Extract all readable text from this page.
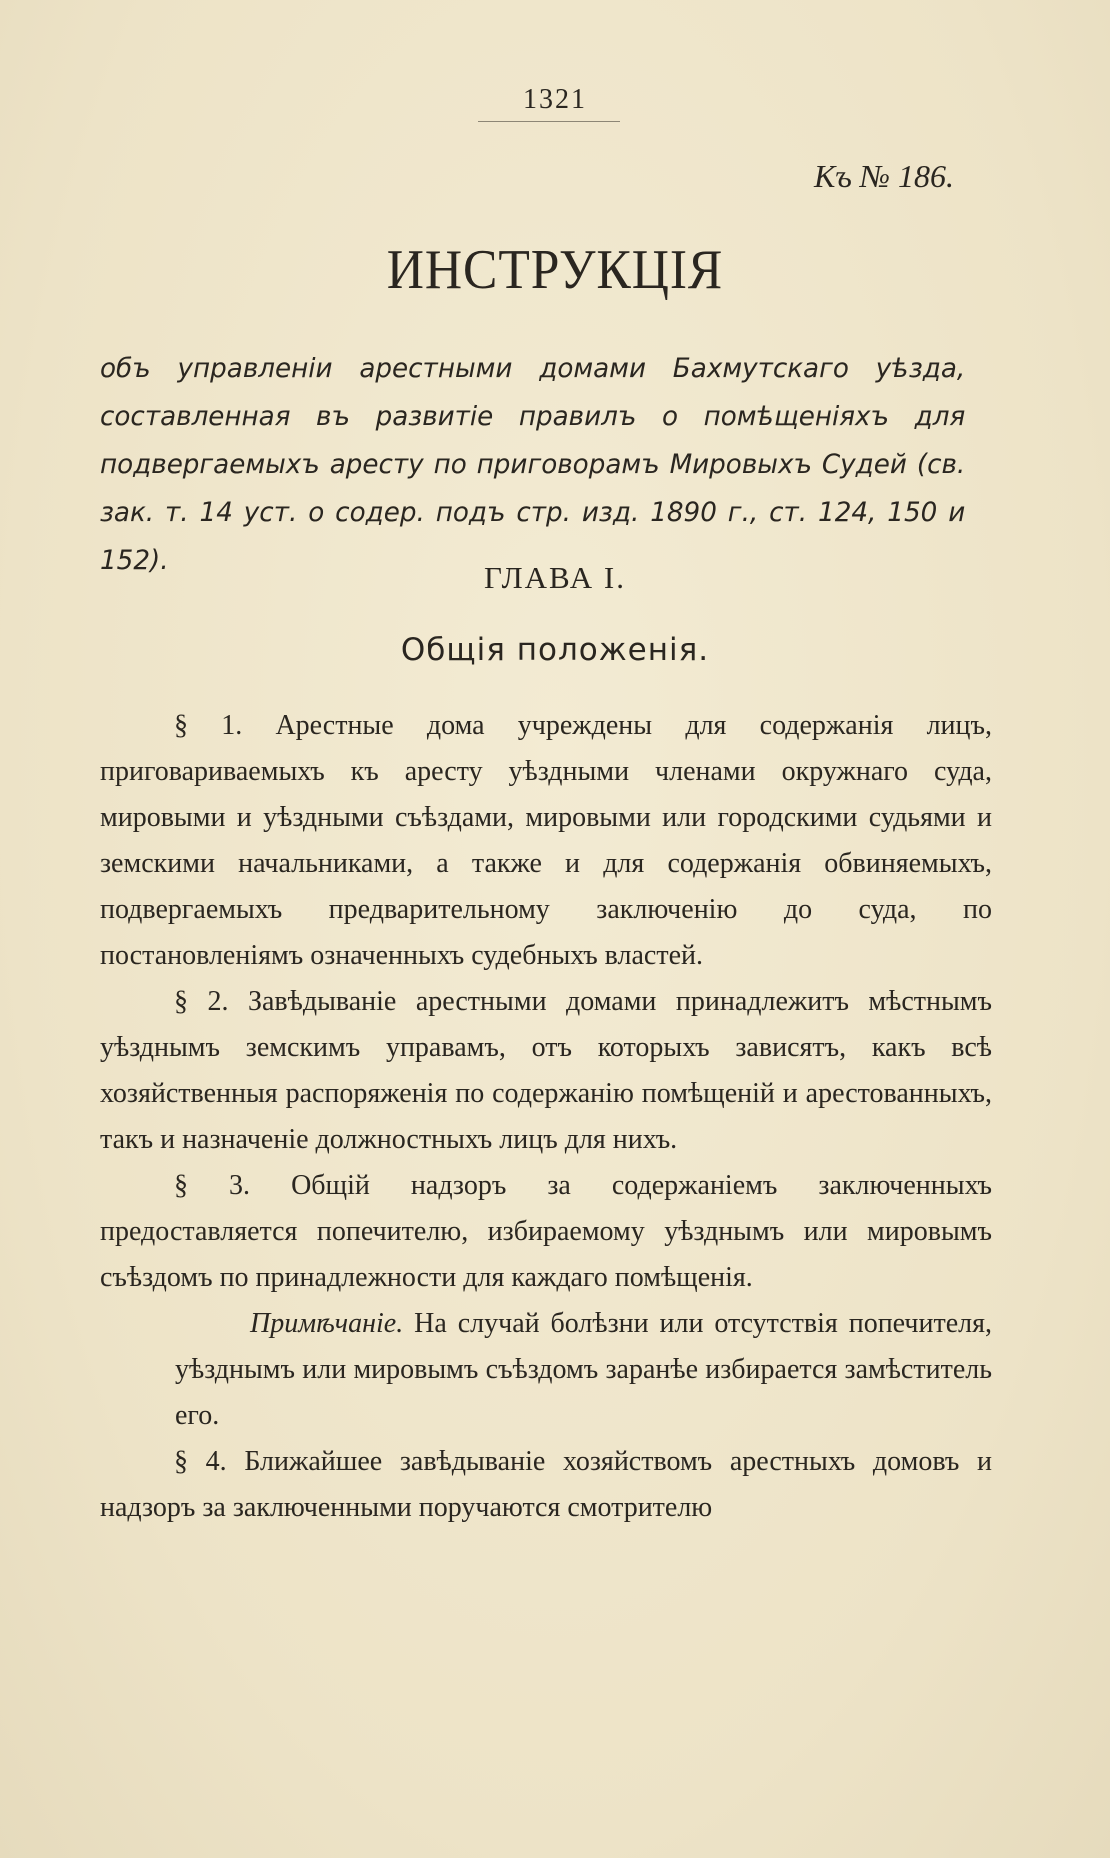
1321
Къ № 186.
ИНСТРУКЦІЯ
объ управленіи арестными домами Бахмутскаго уѣзда, составленная въ развитіе правилъ о помѣщеніяхъ для подвергаемыхъ аресту по приговорамъ Мировыхъ Судей (св. зак. т. 14 уст. о содер. подъ стр. изд. 1890 г., ст. 124, 150 и 152).	ГЛАВА I.
Общія положенія.

§ 1. Арестные дома учреждены для содержанія лицъ, приговариваемыхъ къ аресту уѣздными членами окружнаго суда, мировыми и уѣздными съѣздами, мировыми или городскими судьями и земскими начальниками, а также и для содержанія обвиняемыхъ, подвергаемыхъ предварительному заключенію до суда, по постановленіямъ означенныхъ судебныхъ властей.

§ 2. Завѣдываніе арестными домами принадлежитъ мѣстнымъ уѣзднымъ земскимъ управамъ, отъ которыхъ зависятъ, какъ всѣ хозяйственныя распоряженія по содержанію помѣщеній и арестованныхъ, такъ и назначеніе должностныхъ лицъ для нихъ.

§ 3. Общій надзоръ за содержаніемъ заключенныхъ предоставляется попечителю, избираемому уѣзднымъ или мировымъ съѣздомъ по принадлежности для каждаго помѣщенія.

Примѣчаніе. На случай болѣзни или отсутствія попечителя, уѣзднымъ или мировымъ съѣздомъ заранѣе избирается замѣститель его.

§ 4. Ближайшее завѣдываніе хозяйствомъ арестныхъ домовъ и надзоръ за заключенными поручаются смотрителю
